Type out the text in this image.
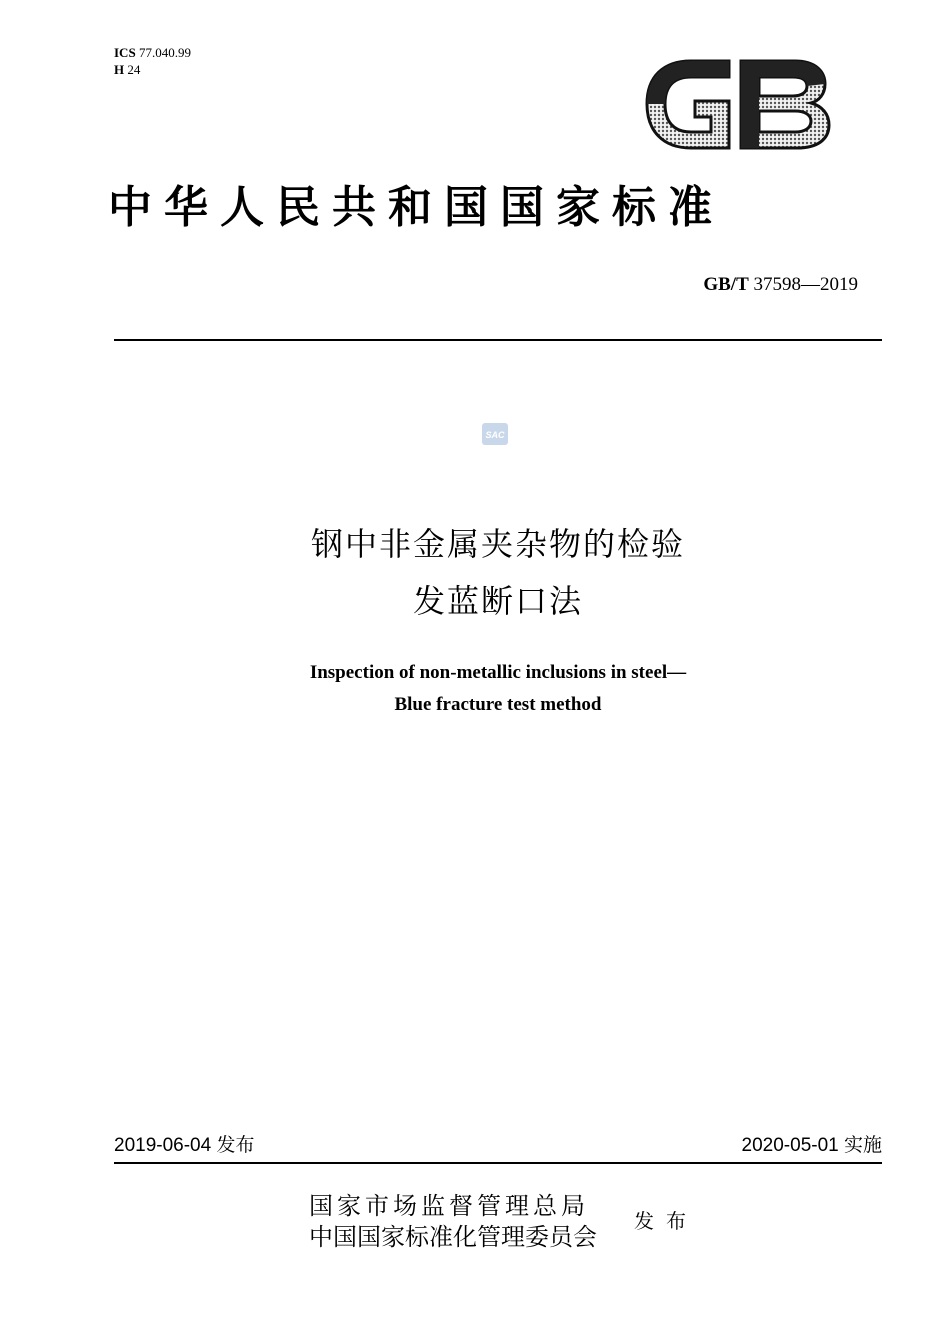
ICS 77.040.99
H 24
中华人民共和国国家标准
GB/T 37598—2019
SAC
钢中非金属夹杂物的检验
发蓝断口法
Inspection of non-metallic inclusions in steel—
Blue fracture test method
2019-06-04 发布	2020-05-01 实施
国家市场监督管理总局
中国国家标准化管理委员会
发布
